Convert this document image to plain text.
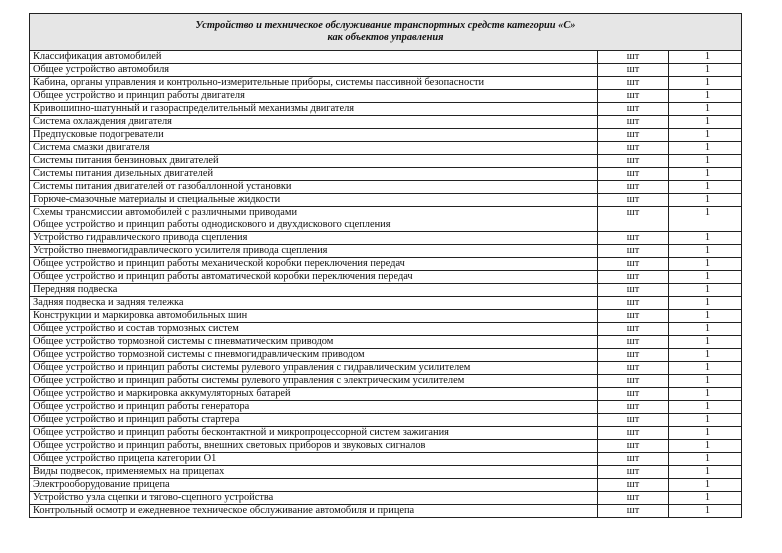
Устройство и техническое обслуживание транспортных средств категории «С»
как объектов управления		

Классификация автомобилей	шт	1

Общее устройство автомобиля	шт	1

Кабина, органы управления и контрольно-измерительные приборы, системы пассивной безопасности	шт	1

Общее устройство и принцип работы двигателя	шт	1

Кривошипно-шатунный и газораспределительный механизмы двигателя	шт	1

Система охлаждения двигателя	шт	1

Предпусковые подогреватели	шт	1

Система смазки двигателя	шт	1

Системы питания бензиновых двигателей	шт	1

Системы питания дизельных двигателей	шт	1

Системы питания двигателей от газобаллонной установки	шт	1

Горюче-смазочные материалы и специальные жидкости	шт	1

Схемы трансмиссии автомобилей с различными приводами
Общее устройство и принцип работы однодискового и двухдискового сцепления	шт	1

Устройство гидравлического привода сцепления	шт	1

Устройство пневмогидравлического усилителя привода сцепления	шт	1

Общее устройство и принцип работы механической коробки переключения передач	шт	1

Общее устройство и принцип работы автоматической коробки переключения передач	шт	1

Передняя подвеска	шт	1

Задняя подвеска и задняя тележка	шт	1

Конструкции и маркировка автомобильных шин	шт	1

Общее устройство и состав тормозных систем	шт	1

Общее устройство тормозной системы с пневматическим приводом	шт	1

Общее устройство тормозной системы с пневмогидравлическим приводом	шт	1

Общее устройство и принцип работы системы рулевого управления с гидравлическим усилителем	шт	1

Общее устройство и принцип работы системы рулевого управления с электрическим усилителем	шт	1

Общее устройство и маркировка аккумуляторных батарей	шт	1

Общее устройство и принцип работы генератора	шт	1

Общее устройство и принцип работы стартера	шт	1

Общее устройство и принцип работы бесконтактной и микропроцессорной систем зажигания	шт	1

Общее устройство и принцип работы, внешних световых приборов и звуковых сигналов	шт	1

Общее устройство прицепа категории О1	шт	1

Виды подвесок, применяемых на прицепах	шт	1

Электрооборудование прицепа	шт	1

Устройство узла сцепки и тягово-сцепного устройства	шт	1

Контрольный осмотр и ежедневное техническое обслуживание автомобиля и прицепа	шт	1
